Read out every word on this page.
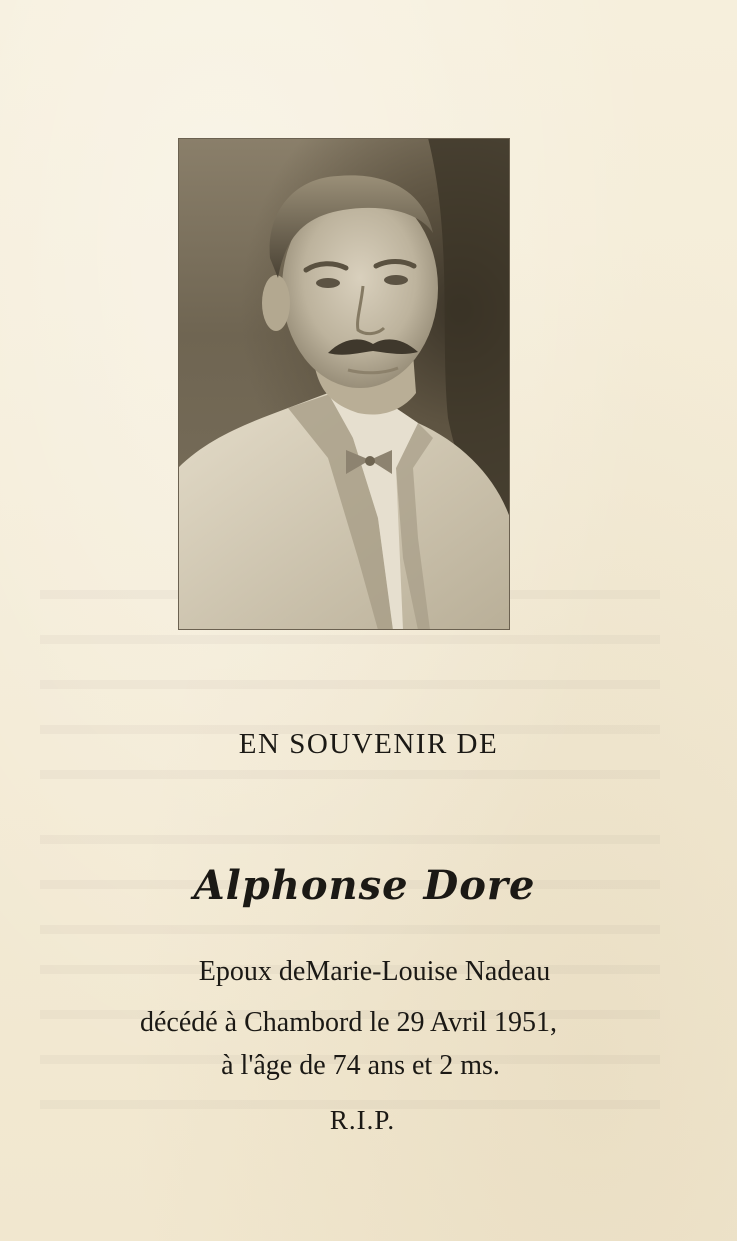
EN SOUVENIR DE
Alphonse Dore
Epoux deMarie-Louise Nadeau
décédé à Chambord le 29 Avril 1951,
à l'âge de 74 ans et 2 ms.
R.I.P.
